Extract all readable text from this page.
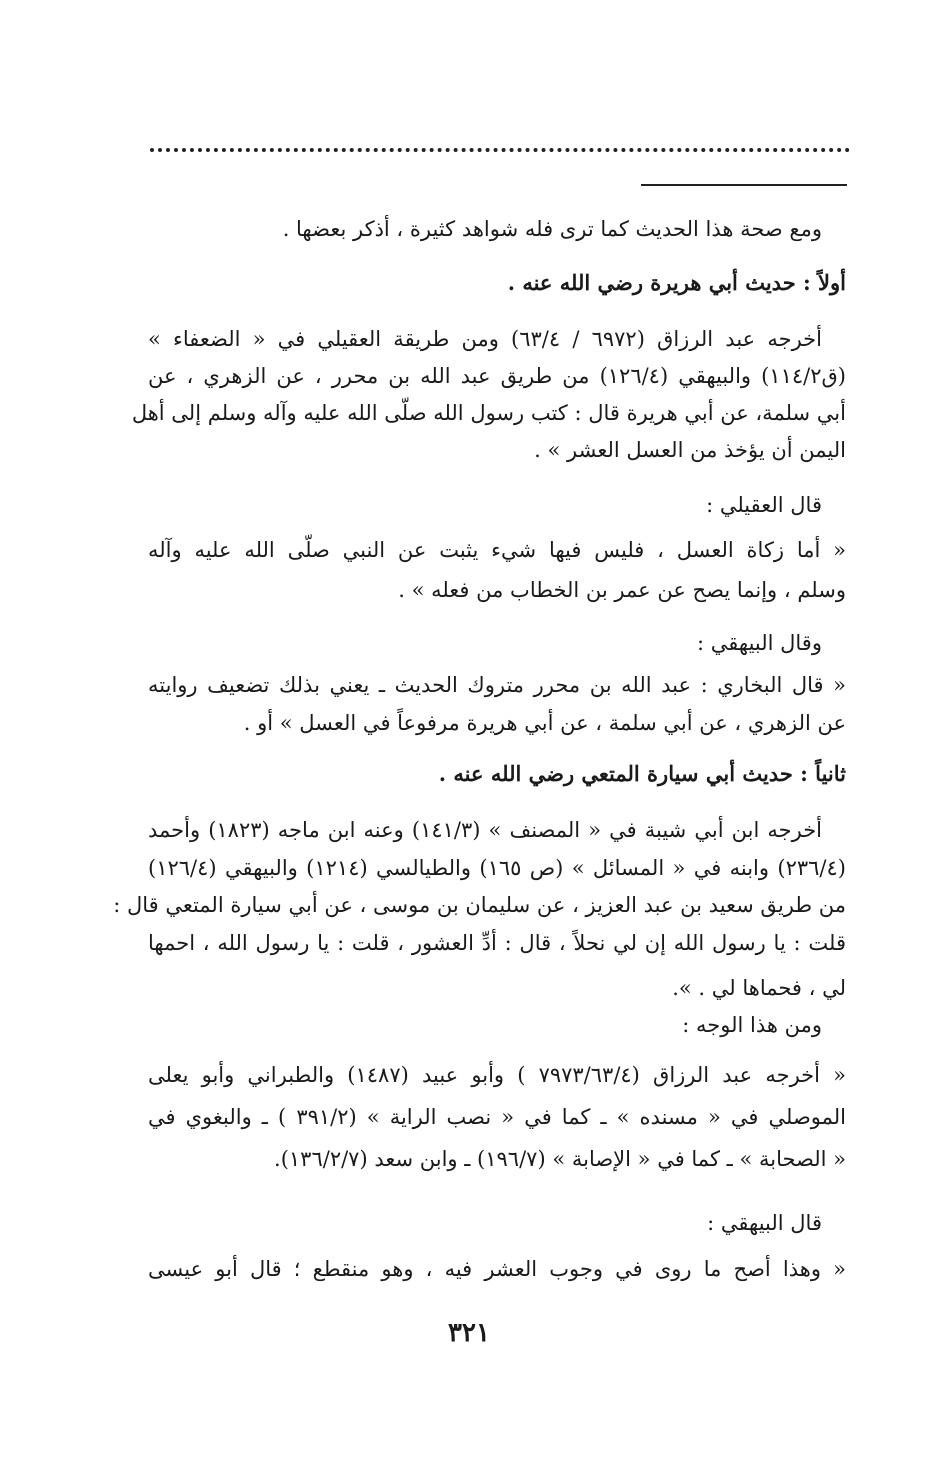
ومع صحة هذا الحديث كما ترى فله شواهد كثيرة ، أذكر بعضها .
أولاً : حديث أبي هريرة رضي الله عنه .
أخرجه عبد الرزاق (٦٩٧٢ / ٦٣/٤) ومن طريقة العقيلي في « الضعفاء »
(ق١١٤/٢) والبيهقي (١٢٦/٤) من طريق عبد الله بن محرر ، عن الزهري ، عن
أبي سلمة، عن أبي هريرة قال : كتب رسول الله صلّى الله عليه وآله وسلم إلى أهل
اليمن أن يؤخذ من العسل العشر » .
قال العقيلي :
« أما زكاة العسل ، فليس فيها شيء يثبت عن النبي صلّى الله عليه وآله
وسلم ، وإنما يصح عن عمر بن الخطاب من فعله » .
وقال البيهقي :
« قال البخاري : عبد الله بن محرر متروك الحديث ـ يعني بذلك تضعيف روايته
عن الزهري ، عن أبي سلمة ، عن أبي هريرة مرفوعاً في العسل » أو .
ثانياً : حديث أبي سيارة المتعي رضي الله عنه .
أخرجه ابن أبي شيبة في « المصنف » (١٤١/٣) وعنه ابن ماجه (١٨٢٣) وأحمد
(٢٣٦/٤) وابنه في « المسائل » (ص ١٦٥) والطيالسي (١٢١٤) والبيهقي (١٢٦/٤)
من طريق سعيد بن عبد العزيز ، عن سليمان بن موسى ، عن أبي سيارة المتعي قال :
قلت : يا رسول الله إن لي نحلاً ، قال : أدِّ العشور ، قلت : يا رسول الله ، احمها
لي ، فحماها لي . ».
ومن هذا الوجه :
« أخرجه عبد الرزاق (٧٩٧٣/٦٣/٤ ) وأبو عبيد (١٤٨٧) والطبراني وأبو يعلى
الموصلي في « مسنده » ـ كما في « نصب الراية » (٣٩١/٢ ) ـ والبغوي في
« الصحابة » ـ كما في « الإصابة » (١٩٦/٧) ـ وابن سعد (١٣٦/٢/٧).
قال البيهقي :
« وهذا أصح ما روى في وجوب العشر فيه ، وهو منقطع ؛ قال أبو عيسى
٣٢١
